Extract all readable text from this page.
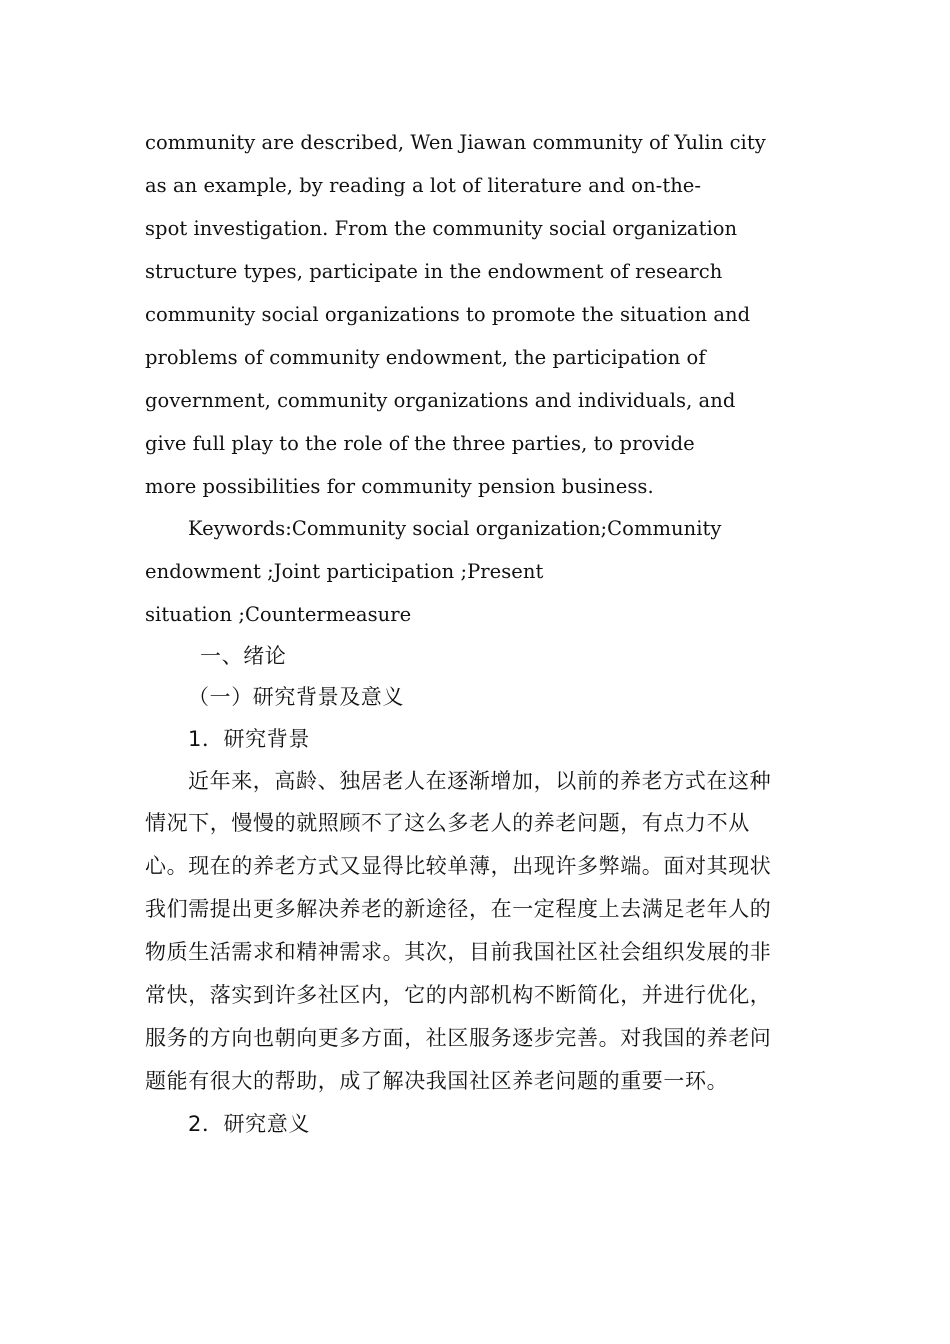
community are described, Wen Jiawan community of Yulin city
as an example, by reading a lot of literature and on-the-
spot investigation. From the community social organization
structure types, participate in the endowment of research
community social organizations to promote the situation and
problems of community endowment, the participation of
government, community organizations and individuals, and
give full play to the role of the three parties, to provide
more possibilities for community pension business.
Keywords:Community social organization;Community
endowment ;Joint participation ;Present
situation ;Countermeasure
一、绪论
（一）研究背景及意义
1．研究背景
近年来，高龄、独居老人在逐渐增加，以前的养老方式在这种
情况下，慢慢的就照顾不了这么多老人的养老问题，有点力不从
心。现在的养老方式又显得比较单薄，出现许多弊端。面对其现状
我们需提出更多解决养老的新途径，在一定程度上去满足老年人的
物质生活需求和精神需求。其次，目前我国社区社会组织发展的非
常快，落实到许多社区内，它的内部机构不断简化，并进行优化，
服务的方向也朝向更多方面，社区服务逐步完善。对我国的养老问
题能有很大的帮助，成了解决我国社区养老问题的重要一环。
2．研究意义
